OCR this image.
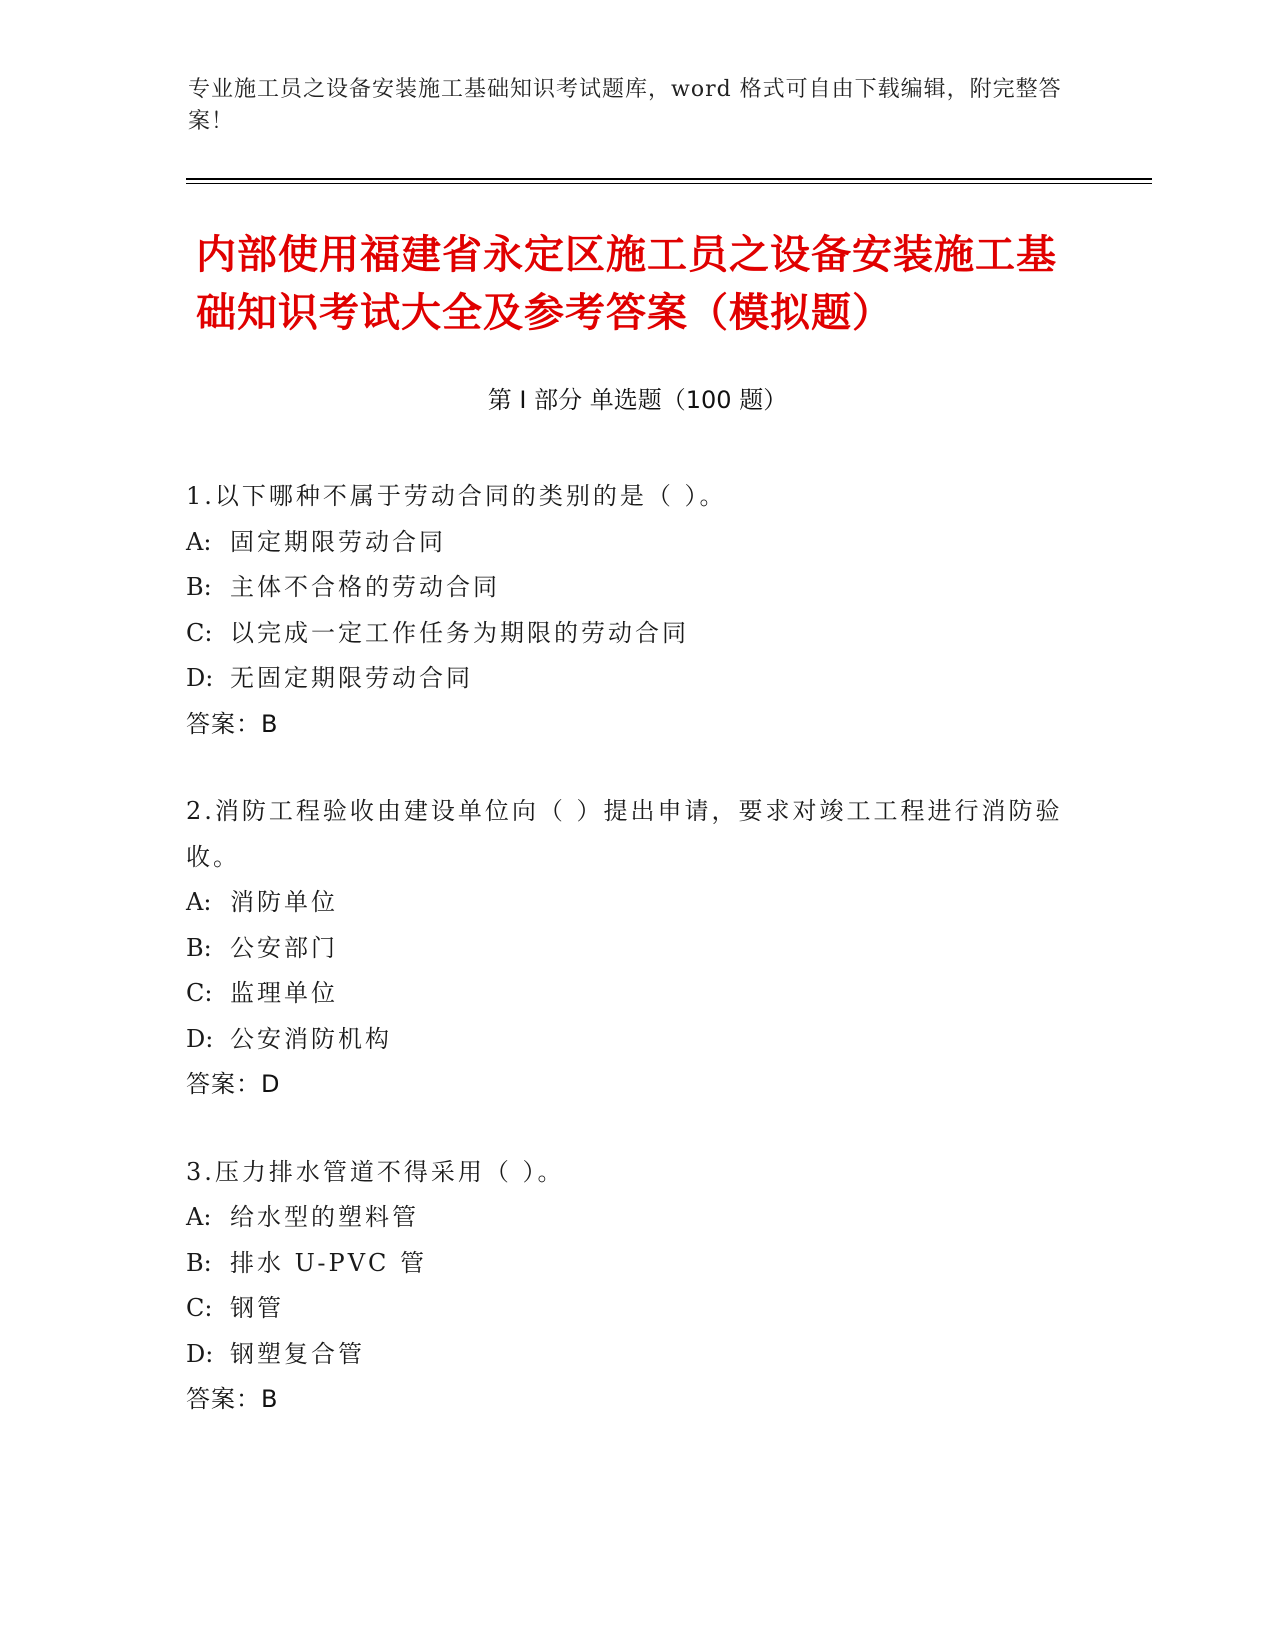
专业施工员之设备安装施工基础知识考试题库，word 格式可自由下载编辑，附完整答案！
内部使用福建省永定区施工员之设备安装施工基础知识考试大全及参考答案（模拟题）
第 I 部分 单选题（100 题）
1.以下哪种不属于劳动合同的类别的是（ ）。
A: 固定期限劳动合同
B: 主体不合格的劳动合同
C: 以完成一定工作任务为期限的劳动合同
D: 无固定期限劳动合同
答案：B
2.消防工程验收由建设单位向（ ）提出申请，要求对竣工工程进行消防验收。
A: 消防单位
B: 公安部门
C: 监理单位
D: 公安消防机构
答案：D
3.压力排水管道不得采用（ ）。
A: 给水型的塑料管
B: 排水 U-PVC 管
C: 钢管
D: 钢塑复合管
答案：B
